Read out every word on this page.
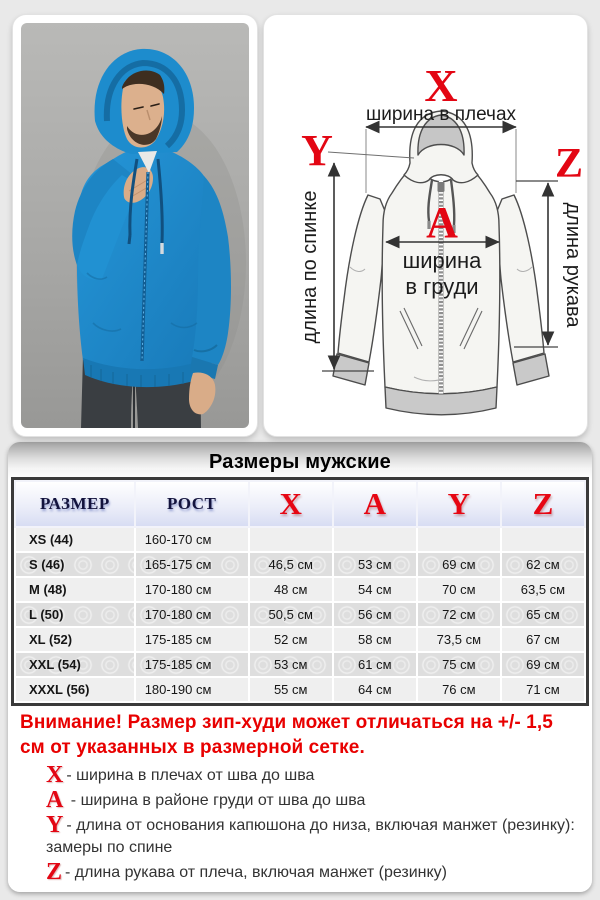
X
ширина в плечах
A
ширина
в груди
Y
длина по спинке
Z
длина рукава
Размеры мужские
РАЗМЕР	РОСТ	X	A	Y	Z
XS (44)	160-170 см				
S (46)	165-175 см	46,5 см	53 см	69 см	62 см
M (48)	170-180 см	48 см	54 см	70 см	63,5 см
L (50)	170-180 см	50,5 см	56 см	72 см	65 см
XL (52)	175-185 см	52 см	58 см	73,5 см	67 см
XXL (54)	175-185 см	53 см	61 см	75 см	69 см
XXXL (56)	180-190 см	55 см	64 см	76 см	71 см
Внимание! Размер зип-худи может отличаться на +/- 1,5 см от указанных в размерной сетке.
X - ширина в плечах от шва до шва
A - ширина в районе груди от шва до шва
Y - длина от основания капюшона до низа, включая манжет (резинку): замеры по спине
Z - длина рукава от плеча, включая манжет (резинку)
